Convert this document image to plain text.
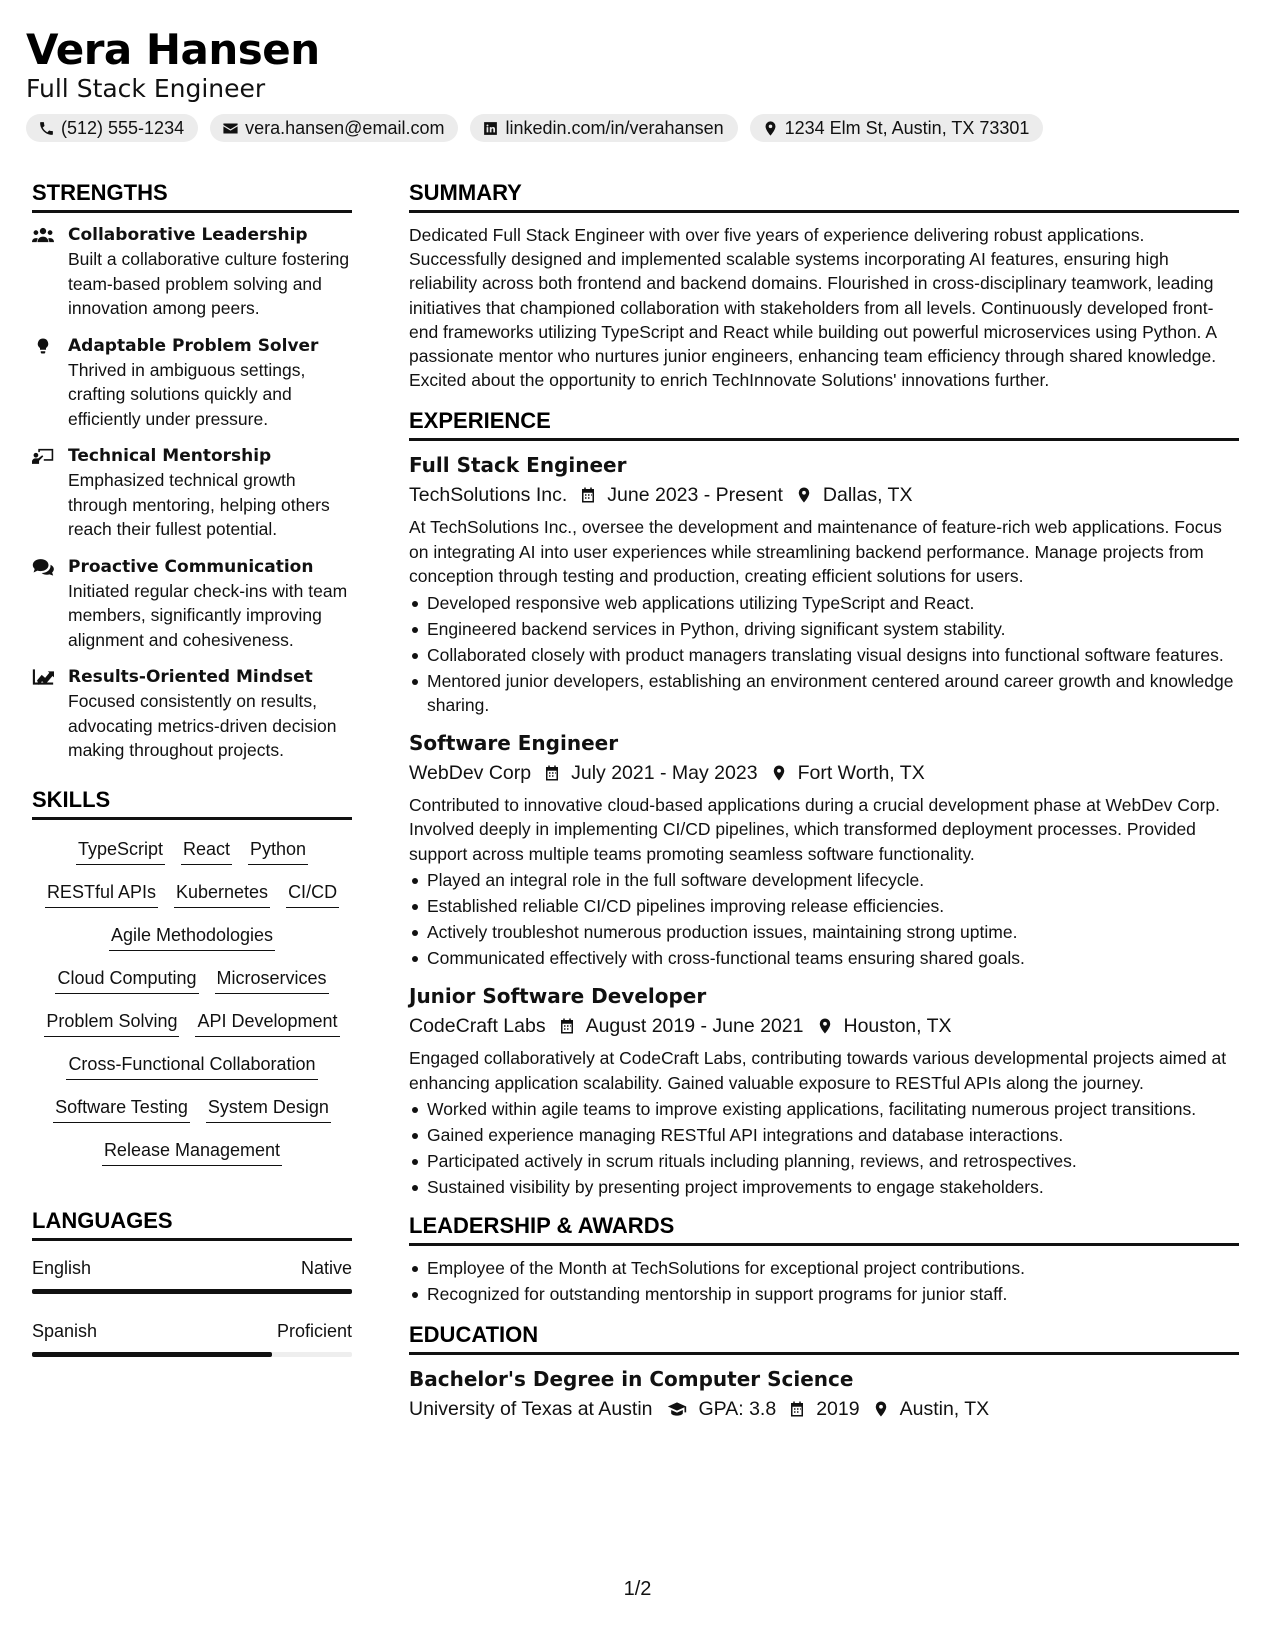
Vera Hansen
Full Stack Engineer
(512) 555-1234	vera.hansen@email.com	linkedin.com/in/verahansen	1234 Elm St, Austin, TX 73301
STRENGTHS
Collaborative Leadership
Built a collaborative culture fostering team-based problem solving and innovation among peers.
Adaptable Problem Solver
Thrived in ambiguous settings, crafting solutions quickly and efficiently under pressure.
Technical Mentorship
Emphasized technical growth through mentoring, helping others reach their fullest potential.
Proactive Communication
Initiated regular check-ins with team members, significantly improving alignment and cohesiveness.
Results-Oriented Mindset
Focused consistently on results, advocating metrics-driven decision making throughout projects.
SKILLS
TypeScript React Python
RESTful APIs Kubernetes CI/CD
Agile Methodologies
Cloud Computing Microservices
Problem Solving API Development
Cross-Functional Collaboration
Software Testing System Design
Release Management
LANGUAGES
English	Native
Spanish	Proficient
SUMMARY
Dedicated Full Stack Engineer with over five years of experience delivering robust applications. Successfully designed and implemented scalable systems incorporating AI features, ensuring high reliability across both frontend and backend domains. Flourished in cross-disciplinary teamwork, leading initiatives that championed collaboration with stakeholders from all levels. Continuously developed front-end frameworks utilizing TypeScript and React while building out powerful microservices using Python. A passionate mentor who nurtures junior engineers, enhancing team efficiency through shared knowledge. Excited about the opportunity to enrich TechInnovate Solutions' innovations further.
EXPERIENCE
Full Stack Engineer
TechSolutions Inc. June 2023 - Present Dallas, TX
At TechSolutions Inc., oversee the development and maintenance of feature-rich web applications. Focus on integrating AI into user experiences while streamlining backend performance. Manage projects from conception through testing and production, creating efficient solutions for users.
Developed responsive web applications utilizing TypeScript and React.
Engineered backend services in Python, driving significant system stability.
Collaborated closely with product managers translating visual designs into functional software features.
Mentored junior developers, establishing an environment centered around career growth and knowledge sharing.
Software Engineer
WebDev Corp July 2021 - May 2023 Fort Worth, TX
Contributed to innovative cloud-based applications during a crucial development phase at WebDev Corp. Involved deeply in implementing CI/CD pipelines, which transformed deployment processes. Provided support across multiple teams promoting seamless software functionality.
Played an integral role in the full software development lifecycle.
Established reliable CI/CD pipelines improving release efficiencies.
Actively troubleshot numerous production issues, maintaining strong uptime.
Communicated effectively with cross-functional teams ensuring shared goals.
Junior Software Developer
CodeCraft Labs August 2019 - June 2021 Houston, TX
Engaged collaboratively at CodeCraft Labs, contributing towards various developmental projects aimed at enhancing application scalability. Gained valuable exposure to RESTful APIs along the journey.
Worked within agile teams to improve existing applications, facilitating numerous project transitions.
Gained experience managing RESTful API integrations and database interactions.
Participated actively in scrum rituals including planning, reviews, and retrospectives.
Sustained visibility by presenting project improvements to engage stakeholders.
LEADERSHIP & AWARDS
Employee of the Month at TechSolutions for exceptional project contributions.
Recognized for outstanding mentorship in support programs for junior staff.
EDUCATION
Bachelor's Degree in Computer Science
University of Texas at Austin GPA: 3.8 2019 Austin, TX
1/2
